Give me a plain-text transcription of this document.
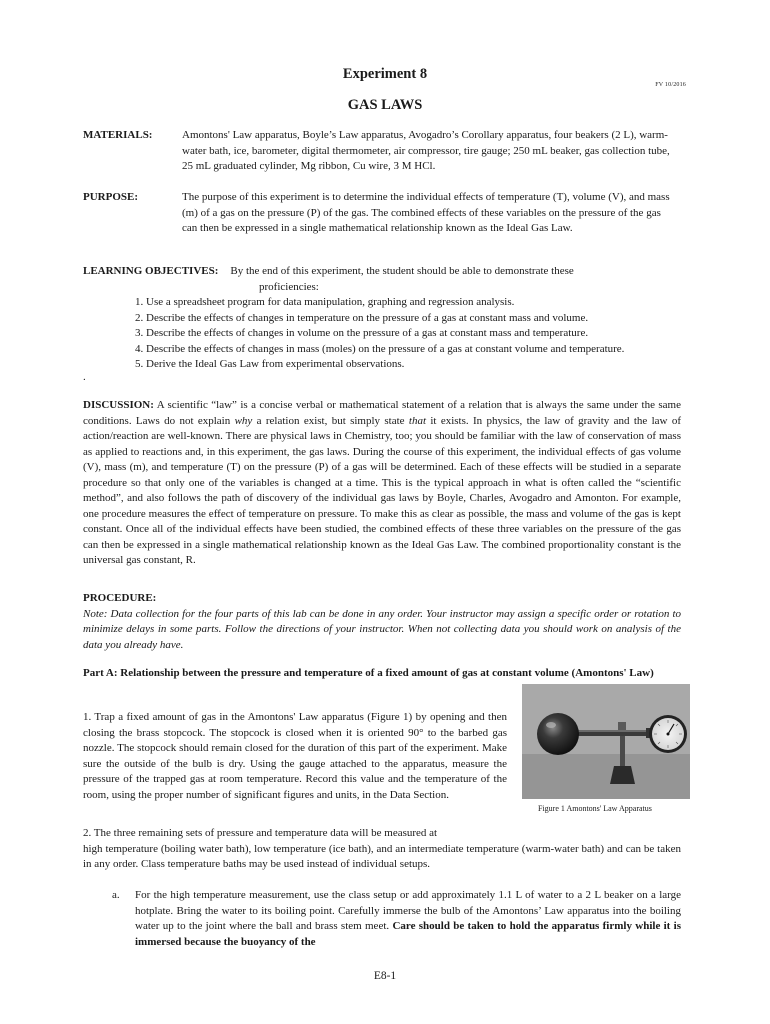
Experiment 8
FV 10/2016
GAS LAWS
MATERIALS:	Amontons' Law apparatus, Boyle’s Law apparatus, Avogadro’s Corollary apparatus, four beakers (2 L), warm-water bath, ice, barometer, digital thermometer, air compressor, tire gauge; 250 mL beaker, gas collection tube, 25 mL graduated cylinder, Mg ribbon, Cu wire, 3 M HCl.
PURPOSE:	The purpose of this experiment is to determine the individual effects of temperature (T), volume (V), and mass (m) of a gas on the pressure (P) of the gas. The combined effects of these variables on the pressure of the gas can then be expressed in a single mathematical relationship known as the Ideal Gas Law.
LEARNING OBJECTIVES: By the end of this experiment, the student should be able to demonstrate these
proficiencies:
1. Use a spreadsheet program for data manipulation, graphing and regression analysis.
2. Describe the effects of changes in temperature on the pressure of a gas at constant mass and volume.
3. Describe the effects of changes in volume on the pressure of a gas at constant mass and temperature.
4. Describe the effects of changes in mass (moles) on the pressure of a gas at constant volume and temperature.
5. Derive the Ideal Gas Law from experimental observations.
.
DISCUSSION: A scientific “law” is a concise verbal or mathematical statement of a relation that is always the same under the same conditions. Laws do not explain why a relation exist, but simply state that it exists. In physics, the law of gravity and the law of action/reaction are well-known. There are physical laws in Chemistry, too; you should be familiar with the law of conservation of mass as applied to reactions and, in this experiment, the gas laws. During the course of this experiment, the individual effects of gas volume (V), mass (m), and temperature (T) on the pressure (P) of a gas will be determined. Each of these effects will be studied in a separate procedure so that only one of the variables is changed at a time. This is the typical approach in what is often called the “scientific method”, and also follows the path of discovery of the individual gas laws by Boyle, Charles, Avogadro and Amonton. For example, one procedure measures the effect of temperature on pressure. To make this as clear as possible, the mass and volume of the gas is kept constant. Once all of the individual effects have been studied, the combined effects of these three variables on the pressure of the gas can then be expressed in a single mathematical relationship known as the Ideal Gas Law. The combined proportionality constant is the universal gas constant, R.
PROCEDURE:
Note: Data collection for the four parts of this lab can be done in any order. Your instructor may assign a specific order or rotation to minimize delays in some parts. Follow the directions of your instructor. When not collecting data you should work on analysis of the data you already have.
Part A: Relationship between the pressure and temperature of a fixed amount of gas at constant volume (Amontons' Law)
1. Trap a fixed amount of gas in the Amontons' Law apparatus (Figure 1) by opening and then closing the brass stopcock. The stopcock is closed when it is oriented 90° to the barbed gas nozzle. The stopcock should remain closed for the duration of this part of the experiment. Make sure the outside of the bulb is dry. Using the gauge attached to the apparatus, measure the pressure of the trapped gas at room temperature. Record this value and the temperature of the room, using the proper number of significant figures and units, in the Data Section.
Figure 1 Amontons' Law Apparatus
2. The three remaining sets of pressure and temperature data will be measured at
high temperature (boiling water bath), low temperature (ice bath), and an intermediate temperature (warm-water bath) and can be taken in any order. Class temperature baths may be used instead of individual setups.
a.	For the high temperature measurement, use the class setup or add approximately 1.1 L of water to a 2 L beaker on a large hotplate. Bring the water to its boiling point. Carefully immerse the bulb of the Amontons’ Law apparatus into the boiling water up to the joint where the ball and brass stem meet. Care should be taken to hold the apparatus firmly while it is immersed because the buoyancy of the
E8-1
